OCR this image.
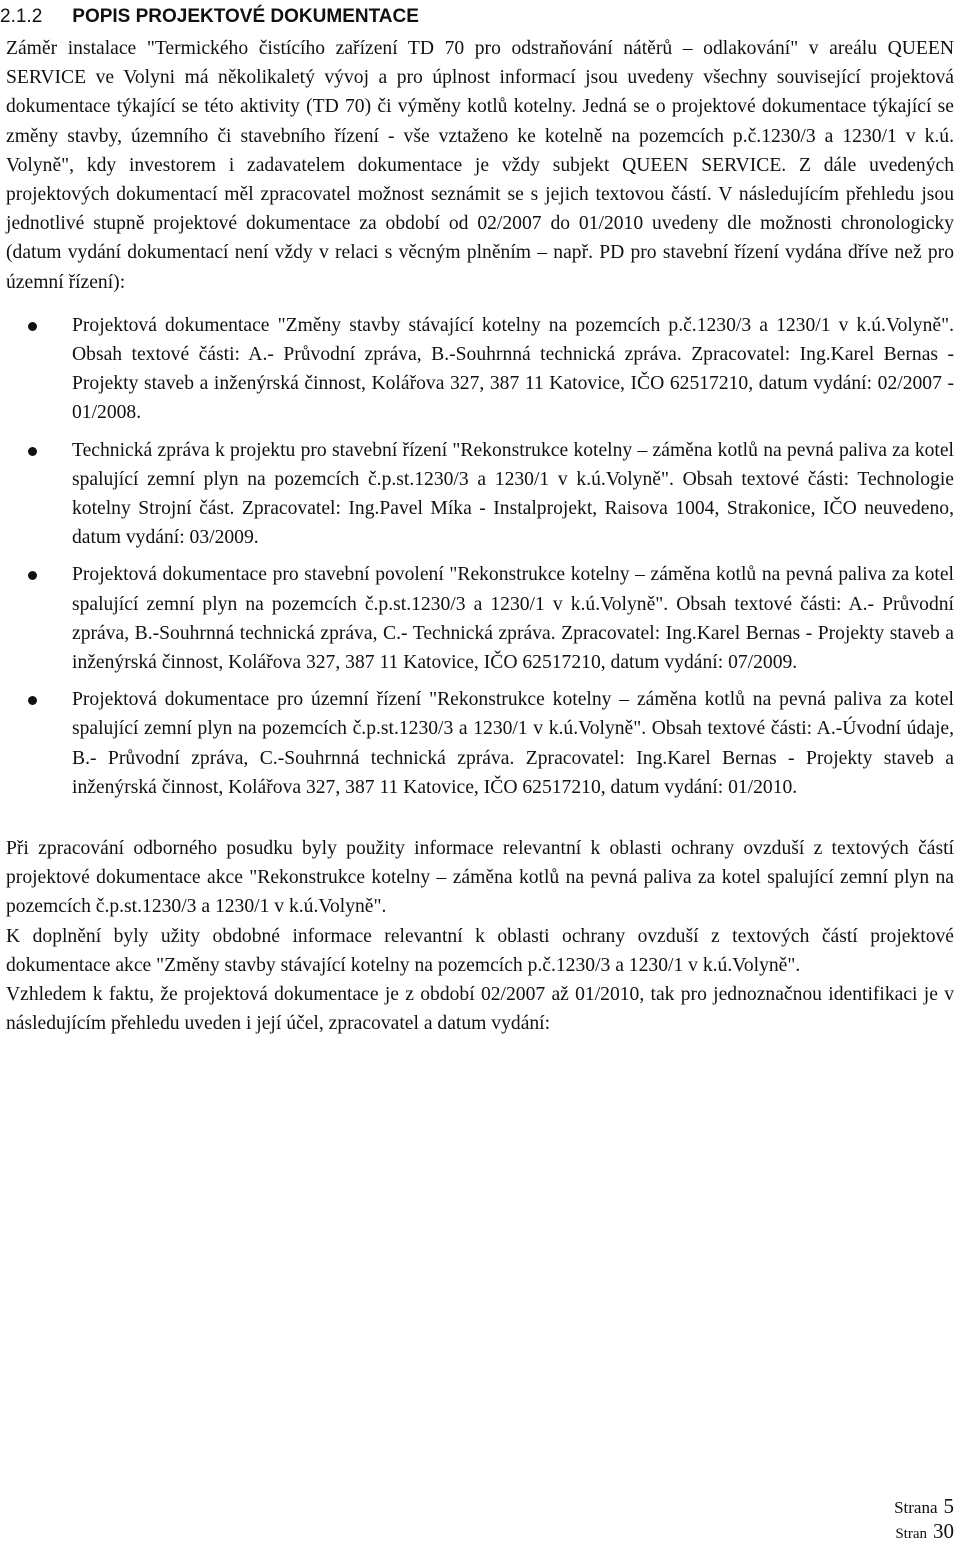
2.1.2 POPIS PROJEKTOVÉ DOKUMENTACE

Záměr instalace "Termického čistícího zařízení TD 70 pro odstraňování nátěrů – odlakování" v areálu QUEEN SERVICE ve Volyni má několikaletý vývoj a pro úplnost informací jsou uvedeny všechny související projektová dokumentace týkající se této aktivity (TD 70) či výměny kotlů kotelny. Jedná se o projektové dokumentace týkající se změny stavby, územního či stavebního řízení - vše vztaženo ke kotelně na pozemcích p.č.1230/3 a 1230/1 v k.ú. Volyně", kdy investorem i zadavatelem dokumentace je vždy subjekt QUEEN SERVICE. Z dále uvedených projektových dokumentací měl zpracovatel možnost seznámit se s jejich textovou částí. V následujícím přehledu jsou jednotlivé stupně projektové dokumentace za období od 02/2007 do 01/2010 uvedeny dle možnosti chronologicky (datum vydání dokumentací není vždy v relaci s věcným plněním – např. PD pro stavební řízení vydána dříve než pro územní řízení):

Projektová dokumentace "Změny stavby stávající kotelny na pozemcích p.č.1230/3 a 1230/1 v k.ú.Volyně". Obsah textové části: A.- Průvodní zpráva, B.-Souhrnná technická zpráva. Zpracovatel: Ing.Karel Bernas - Projekty staveb a inženýrská činnost, Kolářova 327, 387 11 Katovice, IČO 62517210, datum vydání: 02/2007 - 01/2008.
Technická zpráva k projektu pro stavební řízení "Rekonstrukce kotelny – záměna kotlů na pevná paliva za kotel spalující zemní plyn na pozemcích č.p.st.1230/3 a 1230/1 v k.ú.Volyně". Obsah textové části: Technologie kotelny Strojní část. Zpracovatel: Ing.Pavel Míka - Instalprojekt, Raisova 1004, Strakonice, IČO neuvedeno, datum vydání: 03/2009.
Projektová dokumentace pro stavební povolení "Rekonstrukce kotelny – záměna kotlů na pevná paliva za kotel spalující zemní plyn na pozemcích č.p.st.1230/3 a 1230/1 v k.ú.Volyně". Obsah textové části: A.- Průvodní zpráva, B.-Souhrnná technická zpráva, C.- Technická zpráva. Zpracovatel: Ing.Karel Bernas - Projekty staveb a inženýrská činnost, Kolářova 327, 387 11 Katovice, IČO 62517210, datum vydání: 07/2009.
Projektová dokumentace pro územní řízení "Rekonstrukce kotelny – záměna kotlů na pevná paliva za kotel spalující zemní plyn na pozemcích č.p.st.1230/3 a 1230/1 v k.ú.Volyně". Obsah textové části: A.-Úvodní údaje, B.- Průvodní zpráva, C.-Souhrnná technická zpráva. Zpracovatel: Ing.Karel Bernas - Projekty staveb a inženýrská činnost, Kolářova 327, 387 11 Katovice, IČO 62517210, datum vydání: 01/2010.

Při zpracování odborného posudku byly použity informace relevantní k oblasti ochrany ovzduší z textových částí projektové dokumentace akce "Rekonstrukce kotelny – záměna kotlů na pevná paliva za kotel spalující zemní plyn na pozemcích č.p.st.1230/3 a 1230/1 v k.ú.Volyně".

K doplnění byly užity obdobné informace relevantní k oblasti ochrany ovzduší z textových částí projektové dokumentace akce "Změny stavby stávající kotelny na pozemcích p.č.1230/3 a 1230/1 v k.ú.Volyně".

Vzhledem k faktu, že projektová dokumentace je z období 02/2007 až 01/2010, tak pro jednoznačnou identifikaci je v následujícím přehledu uveden i její účel, zpracovatel a datum vydání:

Strana 5
Stran 30
